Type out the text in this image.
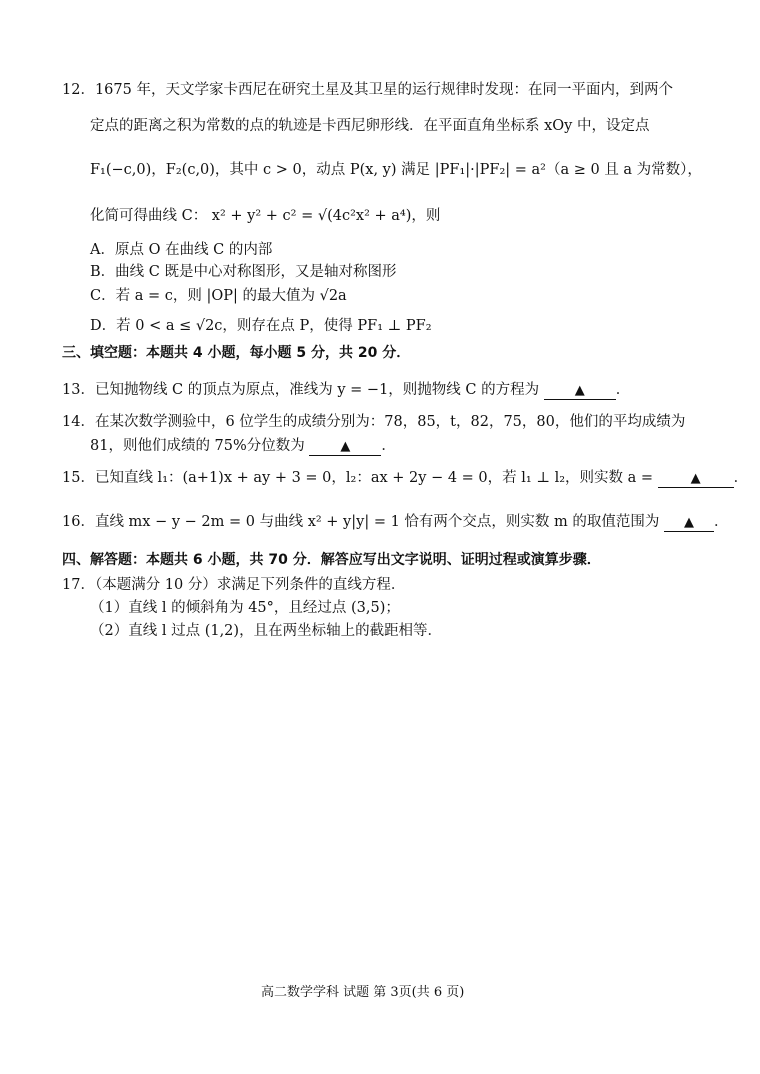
12．1675 年，天文学家卡西尼在研究土星及其卫星的运行规律时发现：在同一平面内，到两个
定点的距离之积为常数的点的轨迹是卡西尼卵形线．在平面直角坐标系 xOy 中，设定点
F₁(−c,0)，F₂(c,0)，其中 c > 0，动点 P(x, y) 满足 |PF₁|·|PF₂| = a²（a ≥ 0 且 a 为常数），
化简可得曲线 C： x² + y² + c² = √(4c²x² + a⁴)，则
A．原点 O 在曲线 C 的内部
B．曲线 C 既是中心对称图形，又是轴对称图形
C．若 a = c，则 |OP| 的最大值为 √2a
D．若 0 < a ≤ √2c，则存在点 P，使得 PF₁ ⊥ PF₂
三、填空题：本题共 4 小题，每小题 5 分，共 20 分．
13．已知抛物线 C 的顶点为原点，准线为 y = −1，则抛物线 C 的方程为	▲ ．
14．在某次数学测验中，6 位学生的成绩分别为：78，85，t，82，75，80，他们的平均成绩为
81，则他们成绩的 75%分位数为	▲ ．
15．已知直线 l₁：(a+1)x + ay + 3 = 0，l₂：ax + 2y − 4 = 0，若 l₁ ⊥ l₂，则实数 a =	▲ ．
16．直线 mx − y − 2m = 0 与曲线 x² + y|y| = 1 恰有两个交点，则实数 m 的取值范围为 ▲ ．
四、解答题：本题共 6 小题，共 70 分．解答应写出文字说明、证明过程或演算步骤．
17．（本题满分 10 分）求满足下列条件的直线方程．
（1）直线 l 的倾斜角为 45°，且经过点 (3,5)；
（2）直线 l 过点 (1,2)，且在两坐标轴上的截距相等．
高二数学学科 试题 第 3页(共 6 页)
